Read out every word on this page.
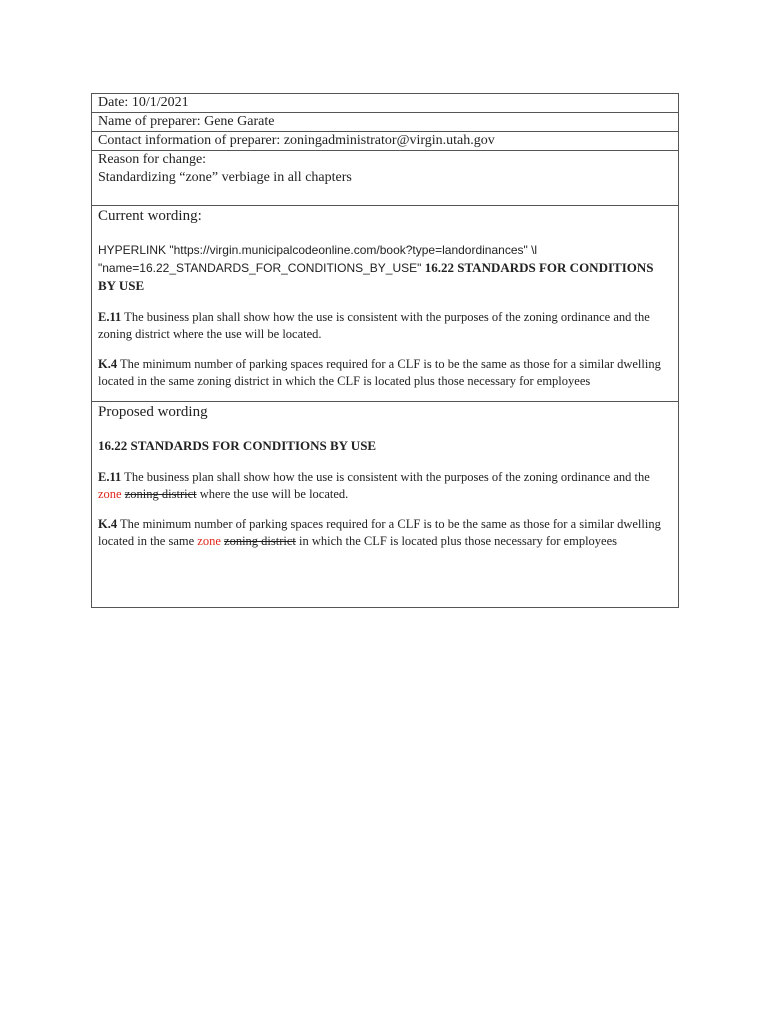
Date: 10/1/2021
Name of preparer: Gene Garate
Contact information of preparer: zoningadministrator@virgin.utah.gov
Reason for change:
Standardizing “zone” verbiage in all chapters

Current wording:

HYPERLINK "https://virgin.municipalcodeonline.com/book?type=landordinances" \l
"name=16.22_STANDARDS_FOR_CONDITIONS_BY_USE" 16.22 STANDARDS FOR CONDITIONS BY USE

E.11 The business plan shall show how the use is consistent with the purposes of the zoning ordinance and the zoning district where the use will be located.

K.4 The minimum number of parking spaces required for a CLF is to be the same as those for a similar dwelling located in the same zoning district in which the CLF is located plus those necessary for employees

Proposed wording

16.22 STANDARDS FOR CONDITIONS BY USE

E.11 The business plan shall show how the use is consistent with the purposes of the zoning ordinance and the zone zoning district where the use will be located.

K.4 The minimum number of parking spaces required for a CLF is to be the same as those for a similar dwelling located in the same zone zoning district in which the CLF is located plus those necessary for employees
